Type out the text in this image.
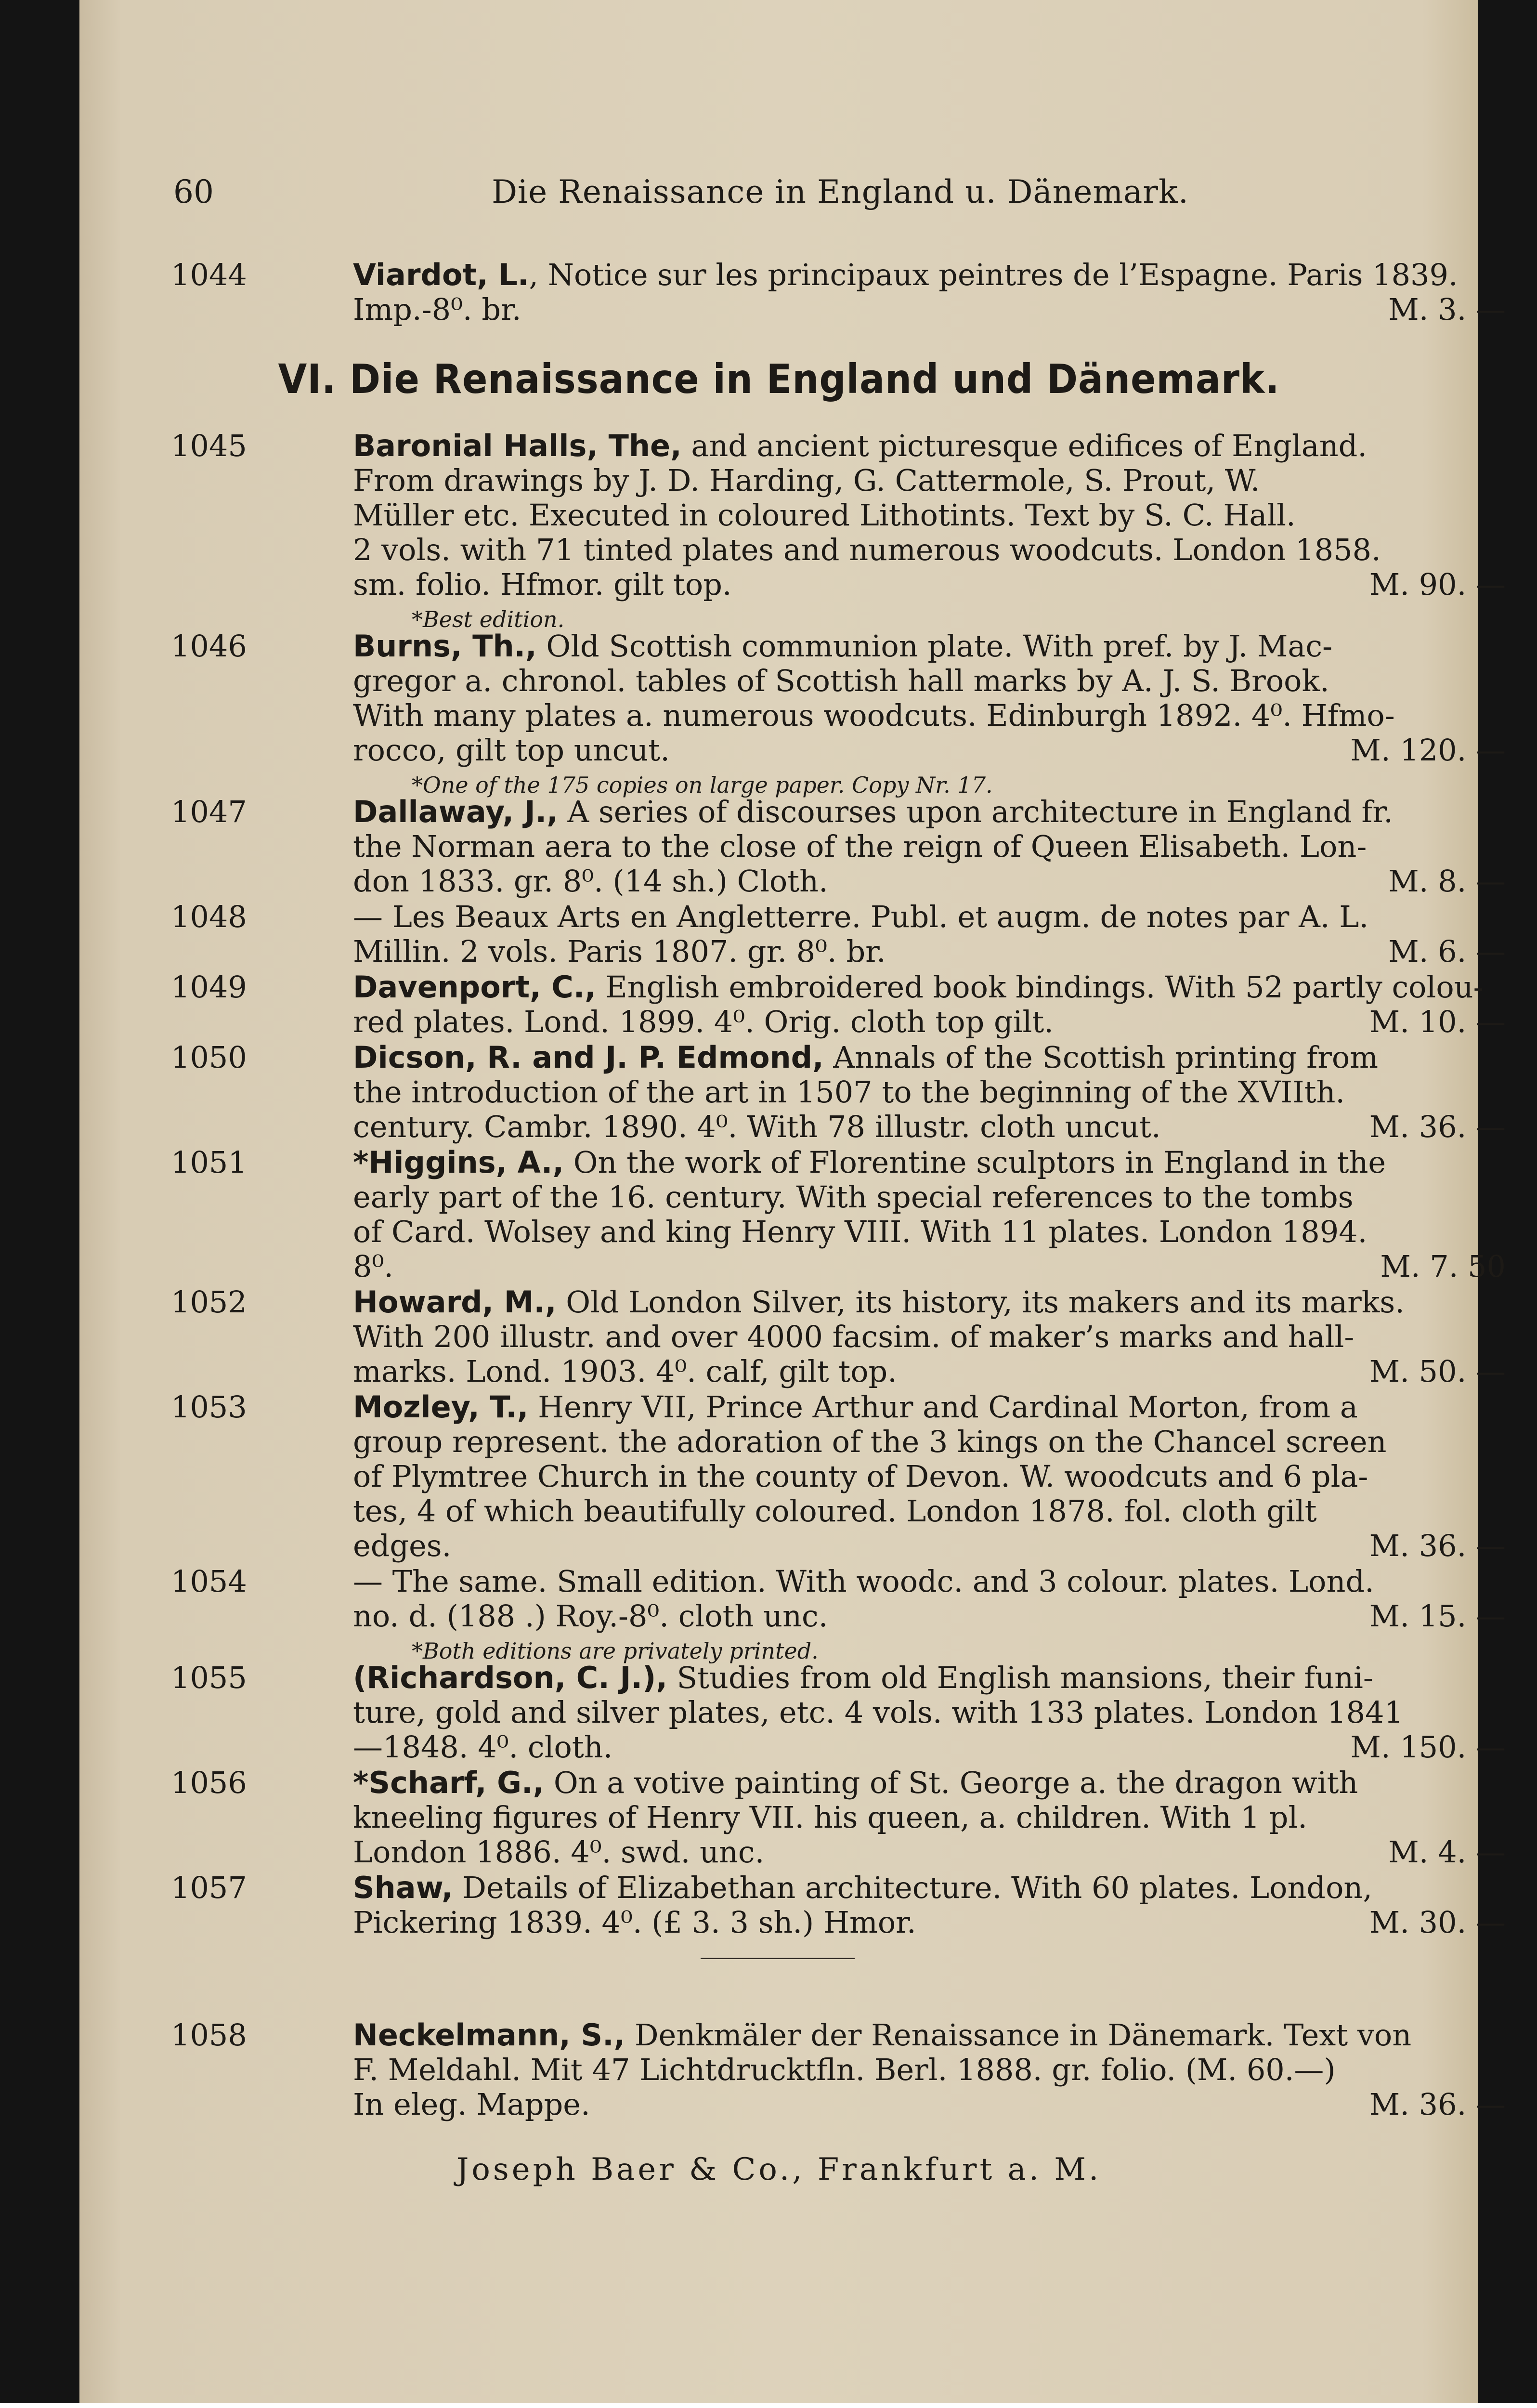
60	Die Renaissance in England u. Dänemark.
1044	Viardot, L., Notice sur les principaux peintres de l’Espagne. Paris 1839.
Imp.-8⁰. br.	M. 3. —
VI. Die Renaissance in England und Dänemark.
1045	Baronial Halls, The, and ancient picturesque edifices of England.
From drawings by J. D. Harding, G. Cattermole, S. Prout, W.
Müller etc. Executed in coloured Lithotints. Text by S. C. Hall.
2 vols. with 71 tinted plates and numerous woodcuts. London 1858.
sm. folio. Hfmor. gilt top.	M. 90. —
*Best edition.
1046	Burns, Th., Old Scottish communion plate. With pref. by J. Mac-
gregor a. chronol. tables of Scottish hall marks by A. J. S. Brook.
With many plates a. numerous woodcuts. Edinburgh 1892. 4⁰. Hfmo-
rocco, gilt top uncut.	M. 120. —
*One of the 175 copies on large paper. Copy Nr. 17.
1047	Dallaway, J., A series of discourses upon architecture in England fr.
the Norman aera to the close of the reign of Queen Elisabeth. Lon-
don 1833. gr. 8⁰. (14 sh.) Cloth.	M. 8. —
1048	— Les Beaux Arts en Angletterre. Publ. et augm. de notes par A. L.
Millin. 2 vols. Paris 1807. gr. 8⁰. br.	M. 6. —
1049	Davenport, C., English embroidered book bindings. With 52 partly colou-
red plates. Lond. 1899. 4⁰. Orig. cloth top gilt.	M. 10. —
1050	Dicson, R. and J. P. Edmond, Annals of the Scottish printing from
the introduction of the art in 1507 to the beginning of the XVIIth.
century. Cambr. 1890. 4⁰. With 78 illustr. cloth uncut.	M. 36. —
1051	*Higgins, A., On the work of Florentine sculptors in England in the
early part of the 16. century. With special references to the tombs
of Card. Wolsey and king Henry VIII. With 11 plates. London 1894.
8⁰.	M. 7. 50
1052	Howard, M., Old London Silver, its history, its makers and its marks.
With 200 illustr. and over 4000 facsim. of maker’s marks and hall-
marks. Lond. 1903. 4⁰. calf, gilt top.	M. 50. —
1053	Mozley, T., Henry VII, Prince Arthur and Cardinal Morton, from a
group represent. the adoration of the 3 kings on the Chancel screen
of Plymtree Church in the county of Devon. W. woodcuts and 6 pla-
tes, 4 of which beautifully coloured. London 1878. fol. cloth gilt
edges.	M. 36. —
1054	— The same. Small edition. With woodc. and 3 colour. plates. Lond.
no. d. (188 .) Roy.-8⁰. cloth unc.	M. 15. —
*Both editions are privately printed.
1055	(Richardson, C. J.), Studies from old English mansions, their funi-
ture, gold and silver plates, etc. 4 vols. with 133 plates. London 1841
—1848. 4⁰. cloth.	M. 150. —
1056	*Scharf, G., On a votive painting of St. George a. the dragon with
kneeling figures of Henry VII. his queen, a. children. With 1 pl.
London 1886. 4⁰. swd. unc.	M. 4. —
1057	Shaw, Details of Elizabethan architecture. With 60 plates. London,
Pickering 1839. 4⁰. (£ 3. 3 sh.) Hmor.	M. 30. —
1058	Neckelmann, S., Denkmäler der Renaissance in Dänemark. Text von
F. Meldahl. Mit 47 Lichtdrucktfln. Berl. 1888. gr. folio. (M. 60.—)
In eleg. Mappe.	M. 36. —
Joseph Baer & Co., Frankfurt a. M.
